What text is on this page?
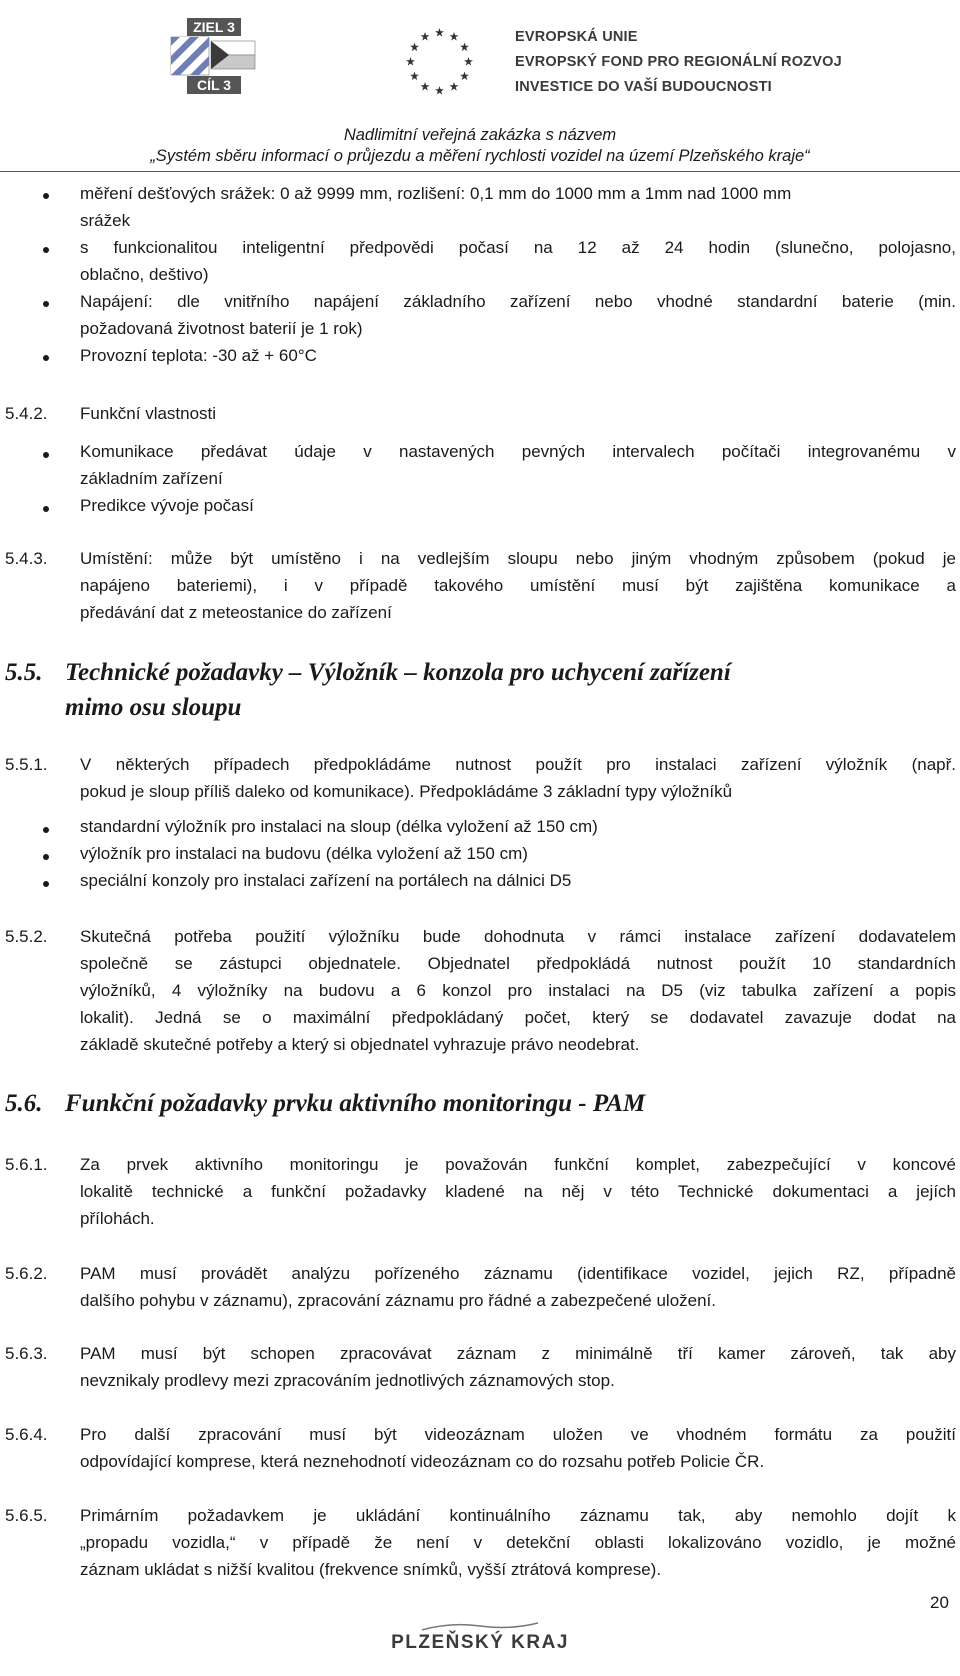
ZIEL 3
CÍL 3
EVROPSKÁ UNIE
EVROPSKÝ FOND PRO REGIONÁLNÍ ROZVOJ
INVESTICE DO VAŠÍ BUDOUCNOSTI
Nadlimitní veřejná zakázka s názvem
„Systém sběru informací o průjezdu a měření rychlosti vozidel na území Plzeňského kraje“
měření dešťových srážek: 0 až 9999 mm, rozlišení: 0,1 mm do 1000 mm a 1mm nad 1000 mm
srážek
s funkcionalitou inteligentní předpovědi počasí na 12 až 24 hodin (slunečno, polojasno,
oblačno, deštivo)
Napájení: dle vnitřního napájení základního zařízení nebo vhodné standardní baterie (min.
požadovaná životnost baterií je 1 rok)
Provozní teplota: -30 až + 60°C
5.4.2. Funkční vlastnosti
Komunikace předávat údaje v nastavených pevných intervalech počítači integrovanému v
základním zařízení
Predikce vývoje počasí
5.4.3. Umístění: může být umístěno i na vedlejším sloupu nebo jiným vhodným způsobem (pokud je
napájeno bateriemi), i v případě takového umístění musí být zajištěna komunikace a
předávání dat z meteostanice do zařízení
5.5. Technické požadavky – Výložník – konzola pro uchycení zařízení
mimo osu sloupu
5.5.1. V některých případech předpokládáme nutnost použít pro instalaci zařízení výložník (např.
pokud je sloup příliš daleko od komunikace). Předpokládáme 3 základní typy výložníků
standardní výložník pro instalaci na sloup (délka vyložení až 150 cm)
výložník pro instalaci na budovu (délka vyložení až 150 cm)
speciální konzoly pro instalaci zařízení na portálech na dálnici D5
5.5.2. Skutečná potřeba použití výložníku bude dohodnuta v rámci instalace zařízení dodavatelem
společně se zástupci objednatele. Objednatel předpokládá nutnost použít 10 standardních
výložníků, 4 výložníky na budovu a 6 konzol pro instalaci na D5 (viz tabulka zařízení a popis
lokalit). Jedná se o maximální předpokládaný počet, který se dodavatel zavazuje dodat na
základě skutečné potřeby a který si objednatel vyhrazuje právo neodebrat.
5.6. Funkční požadavky prvku aktivního monitoringu - PAM
5.6.1. Za prvek aktivního monitoringu je považován funkční komplet, zabezpečující v koncové
lokalitě technické a funkční požadavky kladené na něj v této Technické dokumentaci a jejích
přílohách.
5.6.2. PAM musí provádět analýzu pořízeného záznamu (identifikace vozidel, jejich RZ, případně
dalšího pohybu v záznamu), zpracování záznamu pro řádné a zabezpečené uložení.
5.6.3. PAM musí být schopen zpracovávat záznam z minimálně tří kamer zároveň, tak aby
nevznikaly prodlevy mezi zpracováním jednotlivých záznamových stop.
5.6.4. Pro další zpracování musí být videozáznam uložen ve vhodném formátu za použití
odpovídající komprese, která neznehodnotí videozáznam co do rozsahu potřeb Policie ČR.
5.6.5. Primárním požadavkem je ukládání kontinuálního záznamu tak, aby nemohlo dojít k
„propadu vozidla,“ v případě že není v detekční oblasti lokalizováno vozidlo, je možné
záznam ukládat s nižší kvalitou (frekvence snímků, vyšší ztrátová komprese).
20
PLZEŇSKÝ KRAJ
